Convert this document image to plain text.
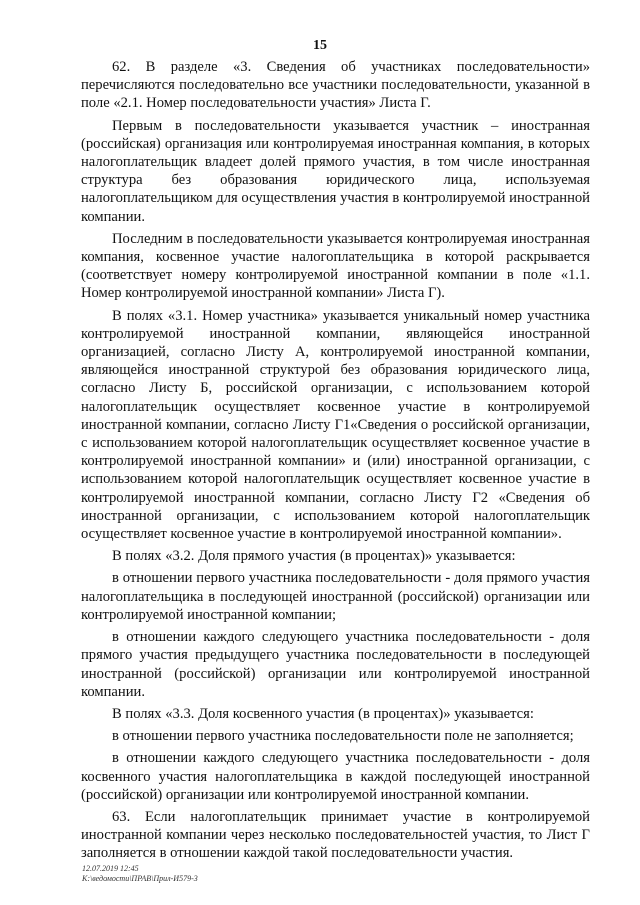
15

62. В разделе «3. Сведения об участниках последовательности» перечисляются последовательно все участники последовательности, указанной в поле «2.1. Номер последовательности участия» Листа Г.

Первым в последовательности указывается участник – иностранная (российская) организация или контролируемая иностранная компания, в которых налогоплательщик владеет долей прямого участия, в том числе иностранная структура без образования юридического лица, используемая налогоплательщиком для осуществления участия в контролируемой иностранной компании.

Последним в последовательности указывается контролируемая иностранная компания, косвенное участие налогоплательщика в которой раскрывается (соответствует номеру контролируемой иностранной компании в поле «1.1. Номер контролируемой иностранной компании» Листа Г).

В полях «3.1. Номер участника» указывается уникальный номер участника контролируемой иностранной компании, являющейся иностранной организацией, согласно Листу А, контролируемой иностранной компании, являющейся иностранной структурой без образования юридического лица, согласно Листу Б, российской организации, с использованием которой налогоплательщик осуществляет косвенное участие в контролируемой иностранной компании, согласно Листу Г1«Сведения о российской организации, с использованием которой налогоплательщик осуществляет косвенное участие в контролируемой иностранной компании» и (или) иностранной организации, с использованием которой налогоплательщик осуществляет косвенное участие в контролируемой иностранной компании, согласно Листу Г2 «Сведения об иностранной организации, с использованием которой налогоплательщик осуществляет косвенное участие в контролируемой иностранной компании».

В полях «3.2. Доля прямого участия (в процентах)» указывается:

в отношении первого участника последовательности - доля прямого участия налогоплательщика в последующей иностранной (российской) организации или контролируемой иностранной компании;

в отношении каждого следующего участника последовательности - доля прямого участия предыдущего участника последовательности в последующей иностранной (российской) организации или контролируемой иностранной компании.

В полях «3.3. Доля косвенного участия (в процентах)» указывается:

в отношении первого участника последовательности поле не заполняется;

в отношении каждого следующего участника последовательности - доля косвенного участия налогоплательщика в каждой последующей иностранной (российской) организации или контролируемой иностранной компании.

63. Если налогоплательщик принимает участие в контролируемой иностранной компании через несколько последовательностей участия, то Лист Г заполняется в отношении каждой такой последовательности участия.

12.07.2019 12:45
К:\ведомости\ПРАВ\Прил-И579-3
